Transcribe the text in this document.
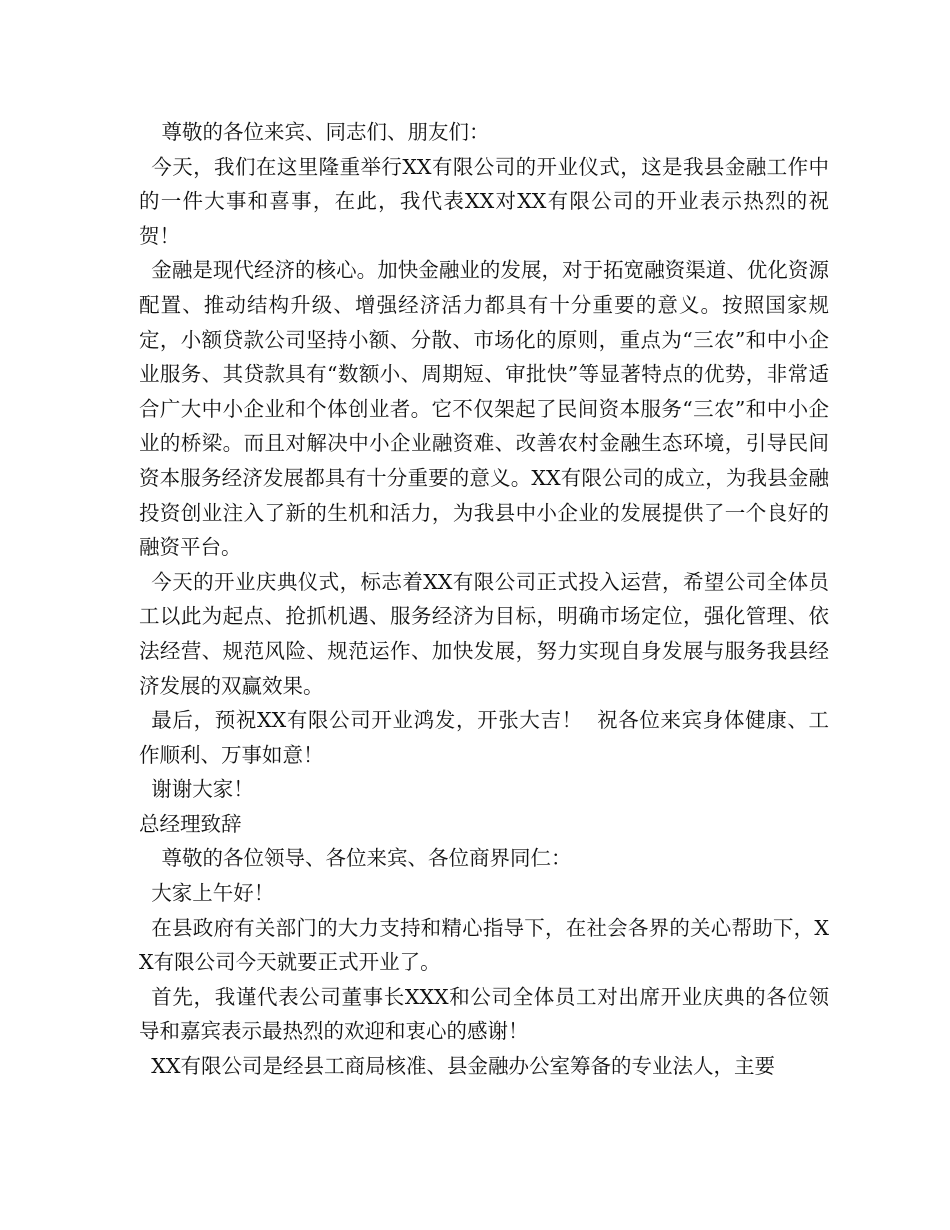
尊敬的各位来宾、同志们、朋友们：

今天，我们在这里隆重举行XX有限公司的开业仪式，这是我县金融工作中的一件大事和喜事，在此，我代表XX对XX有限公司的开业表示热烈的祝贺！

金融是现代经济的核心。加快金融业的发展，对于拓宽融资渠道、优化资源配置、推动结构升级、增强经济活力都具有十分重要的意义。按照国家规定，小额贷款公司坚持小额、分散、市场化的原则，重点为“三农”和中小企业服务、其贷款具有“数额小、周期短、审批快”等显著特点的优势，非常适合广大中小企业和个体创业者。它不仅架起了民间资本服务“三农”和中小企业的桥梁。而且对解决中小企业融资难、改善农村金融生态环境，引导民间资本服务经济发展都具有十分重要的意义。XX有限公司的成立，为我县金融投资创业注入了新的生机和活力，为我县中小企业的发展提供了一个良好的融资平台。

今天的开业庆典仪式，标志着XX有限公司正式投入运营，希望公司全体员工以此为起点、抢抓机遇、服务经济为目标，明确市场定位，强化管理、依法经营、规范风险、规范运作、加快发展，努力实现自身发展与服务我县经济发展的双赢效果。

最后，预祝XX有限公司开业鸿发，开张大吉！  祝各位来宾身体健康、工作顺利、万事如意！

谢谢大家！

总经理致辞

尊敬的各位领导、各位来宾、各位商界同仁：

大家上午好！

在县政府有关部门的大力支持和精心指导下，在社会各界的关心帮助下，XX有限公司今天就要正式开业了。

首先，我谨代表公司董事长XXX和公司全体员工对出席开业庆典的各位领导和嘉宾表示最热烈的欢迎和衷心的感谢！

XX有限公司是经县工商局核准、县金融办公室筹备的专业法人，主要
